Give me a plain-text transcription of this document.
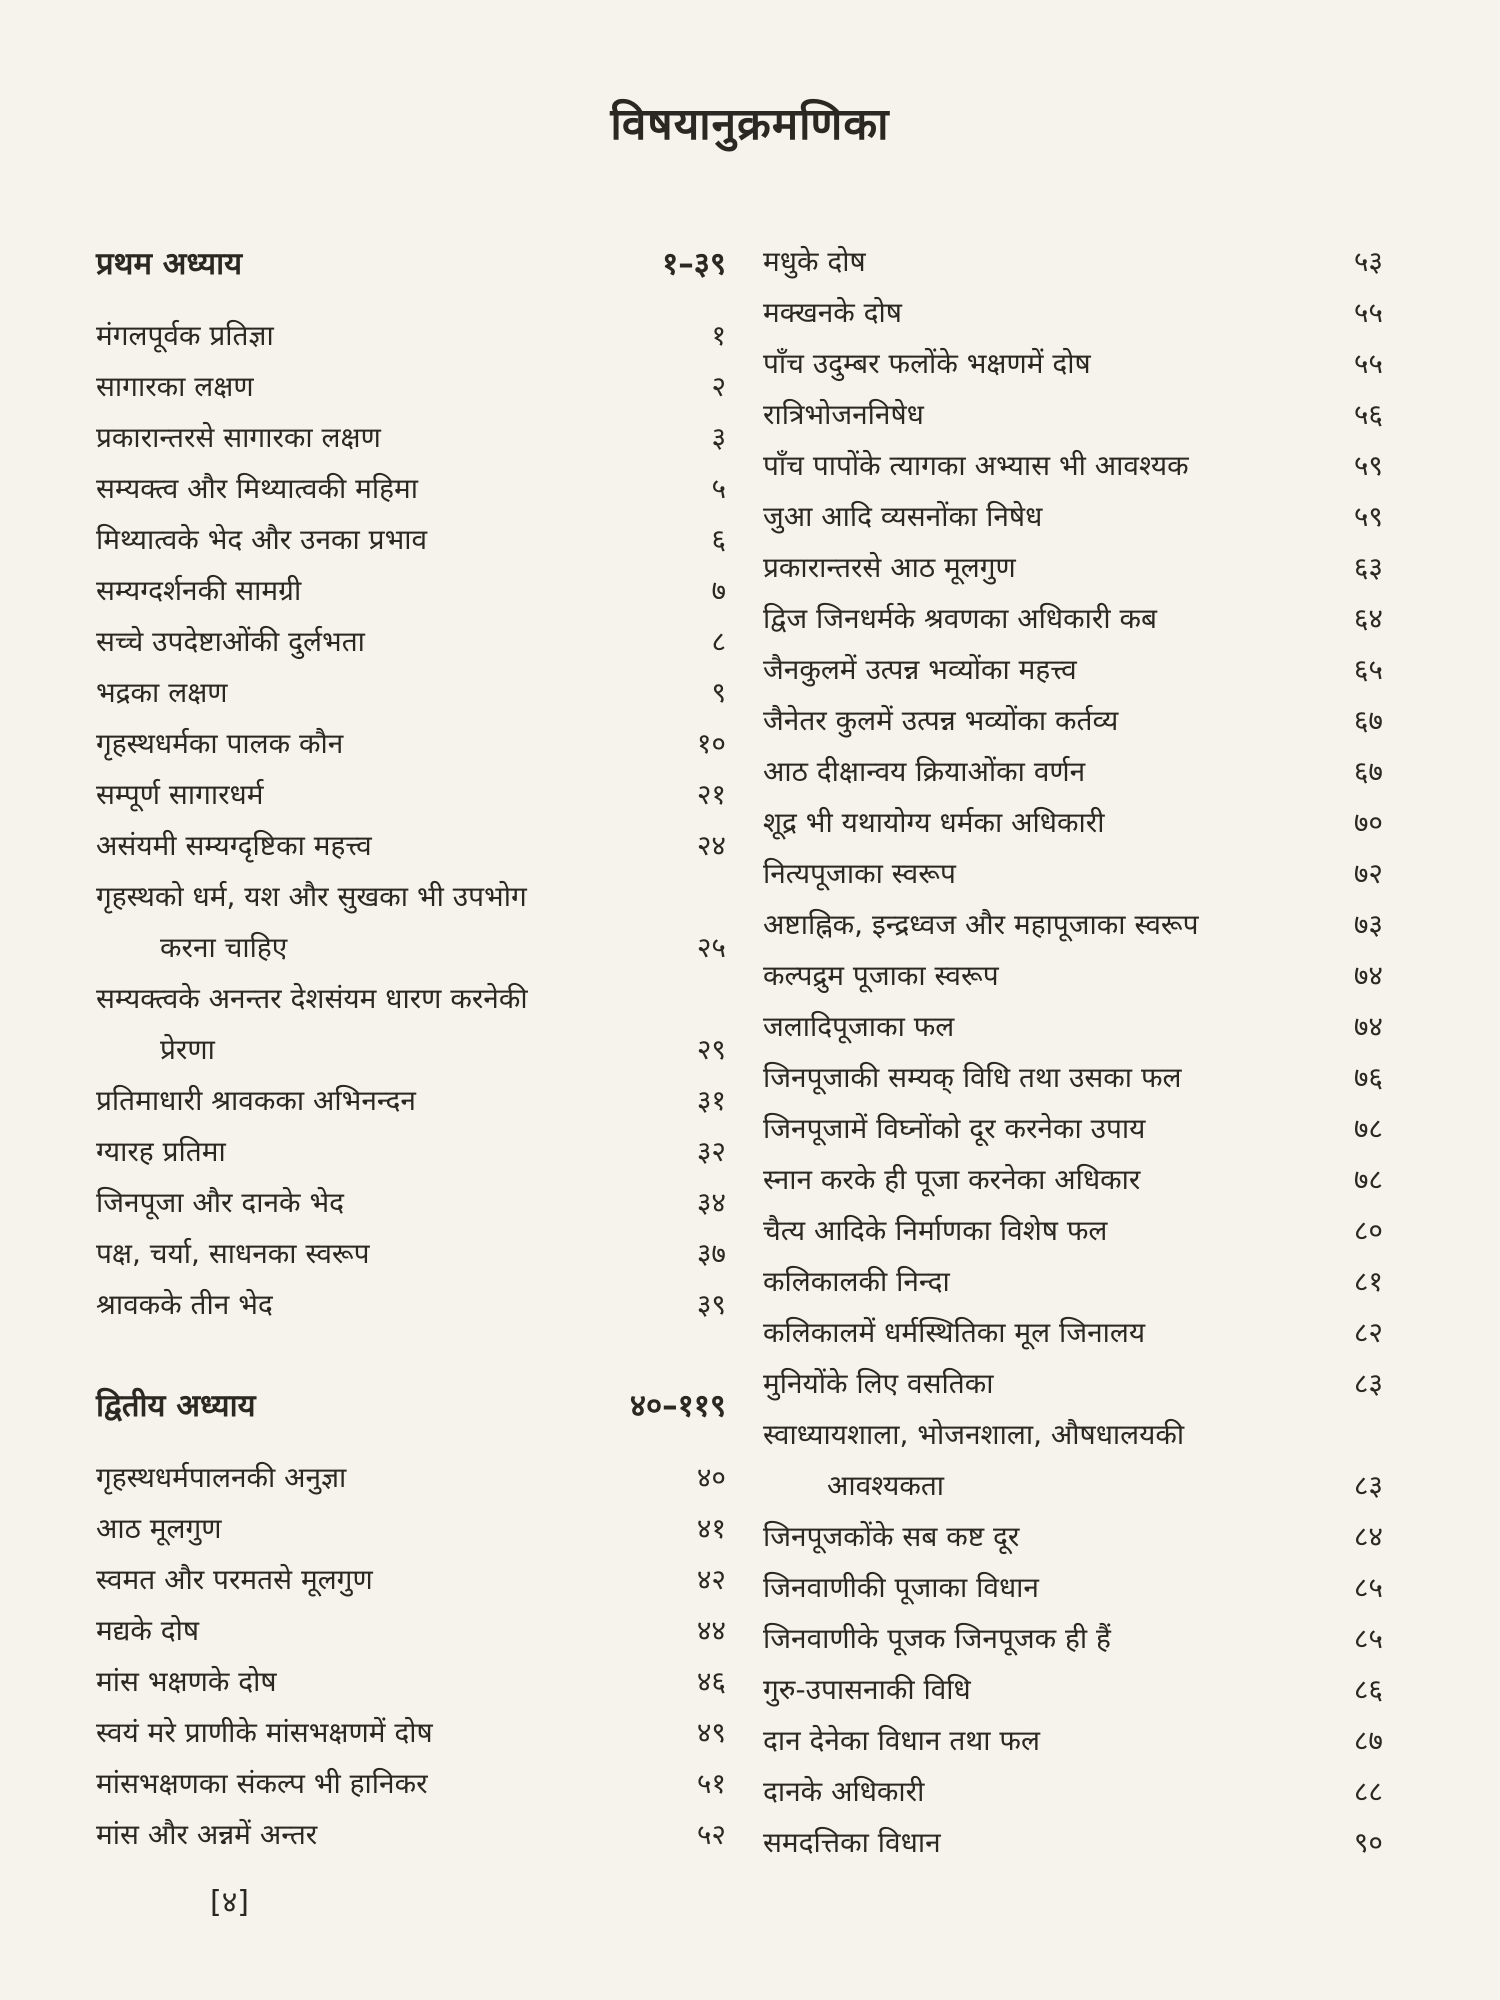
विषयानुक्रमणिका
प्रथम अध्याय	१–३९
मंगलपूर्वक प्रतिज्ञा	१
सागारका लक्षण	२
प्रकारान्तरसे सागारका लक्षण	३
सम्यक्त्व और मिथ्यात्वकी महिमा	५
मिथ्यात्वके भेद और उनका प्रभाव	६
सम्यग्दर्शनकी सामग्री	७
सच्चे उपदेष्टाओंकी दुर्लभता	८
भद्रका लक्षण	९
गृहस्थधर्मका पालक कौन	१०
सम्पूर्ण सागारधर्म	२१
असंयमी सम्यग्दृष्टिका महत्त्व	२४
गृहस्थको धर्म, यश और सुखका भी उपभोग
करना चाहिए	२५
सम्यक्त्वके अनन्तर देशसंयम धारण करनेकी
प्रेरणा	२९
प्रतिमाधारी श्रावकका अभिनन्दन	३१
ग्यारह प्रतिमा	३२
जिनपूजा और दानके भेद	३४
पक्ष, चर्या, साधनका स्वरूप	३७
श्रावकके तीन भेद	३९
द्वितीय अध्याय	४०–११९
गृहस्थधर्मपालनकी अनुज्ञा	४०
आठ मूलगुण	४१
स्वमत और परमतसे मूलगुण	४२
मद्यके दोष	४४
मांस भक्षणके दोष	४६
स्वयं मरे प्राणीके मांसभक्षणमें दोष	४९
मांसभक्षणका संकल्प भी हानिकर	५१
मांस और अन्नमें अन्तर	५२
मधुके दोष	५३
मक्खनके दोष	५५
पाँच उदुम्बर फलोंके भक्षणमें दोष	५५
रात्रिभोजननिषेध	५६
पाँच पापोंके त्यागका अभ्यास भी आवश्यक	५९
जुआ आदि व्यसनोंका निषेध	५९
प्रकारान्तरसे आठ मूलगुण	६३
द्विज जिनधर्मके श्रवणका अधिकारी कब	६४
जैनकुलमें उत्पन्न भव्योंका महत्त्व	६५
जैनेतर कुलमें उत्पन्न भव्योंका कर्तव्य	६७
आठ दीक्षान्वय क्रियाओंका वर्णन	६७
शूद्र भी यथायोग्य धर्मका अधिकारी	७०
नित्यपूजाका स्वरूप	७२
अष्टाह्निक, इन्द्रध्वज और महापूजाका स्वरूप	७३
कल्पद्रुम पूजाका स्वरूप	७४
जलादिपूजाका फल	७४
जिनपूजाकी सम्यक् विधि तथा उसका फल	७६
जिनपूजामें विघ्नोंको दूर करनेका उपाय	७८
स्नान करके ही पूजा करनेका अधिकार	७८
चैत्य आदिके निर्माणका विशेष फल	८०
कलिकालकी निन्दा	८१
कलिकालमें धर्मस्थितिका मूल जिनालय	८२
मुनियोंके लिए वसतिका	८३
स्वाध्यायशाला, भोजनशाला, औषधालयकी
आवश्यकता	८३
जिनपूजकोंके सब कष्ट दूर	८४
जिनवाणीकी पूजाका विधान	८५
जिनवाणीके पूजक जिनपूजक ही हैं	८५
गुरु-उपासनाकी विधि	८६
दान देनेका विधान तथा फल	८७
दानके अधिकारी	८८
समदत्तिका विधान	९०
[४]
